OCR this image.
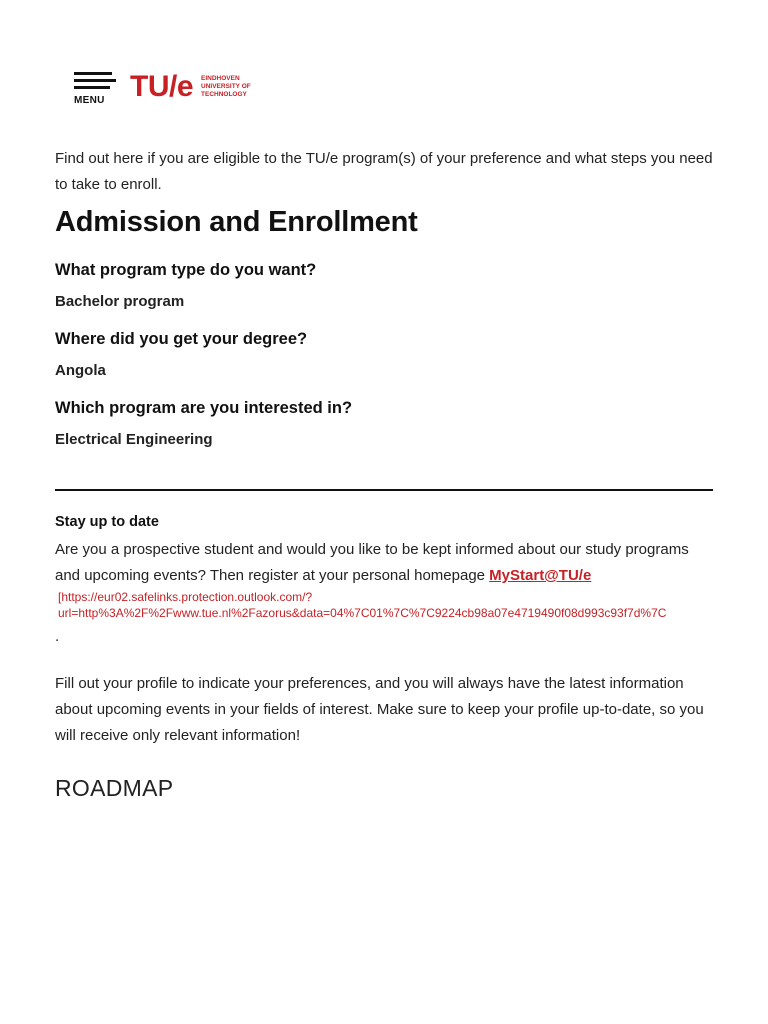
MENU TU/e EINDHOVEN
UNIVERSITY OF
TECHNOLOGY
Find out here if you are eligible to the TU/e program(s) of your preference and what steps you need to take to enroll.
Admission and Enrollment
What program type do you want?
Bachelor program
Where did you get your degree?
Angola
Which program are you interested in?
Electrical Engineering
Stay up to date
Are you a prospective student and would you like to be kept informed about our study programs and upcoming events? Then register at your personal homepage MyStart@TU/e
[https://eur02.safelinks.protection.outlook.com/?
url=http%3A%2F%2Fwww.tue.nl%2Fazorus&data=04%7C01%7C%7C9224cb98a07e4719490f08d993c93f7d%7C
.
Fill out your profile to indicate your preferences, and you will always have the latest information about upcoming events in your fields of interest. Make sure to keep your profile up-to-date, so you will receive only relevant information!
ROADMAP
